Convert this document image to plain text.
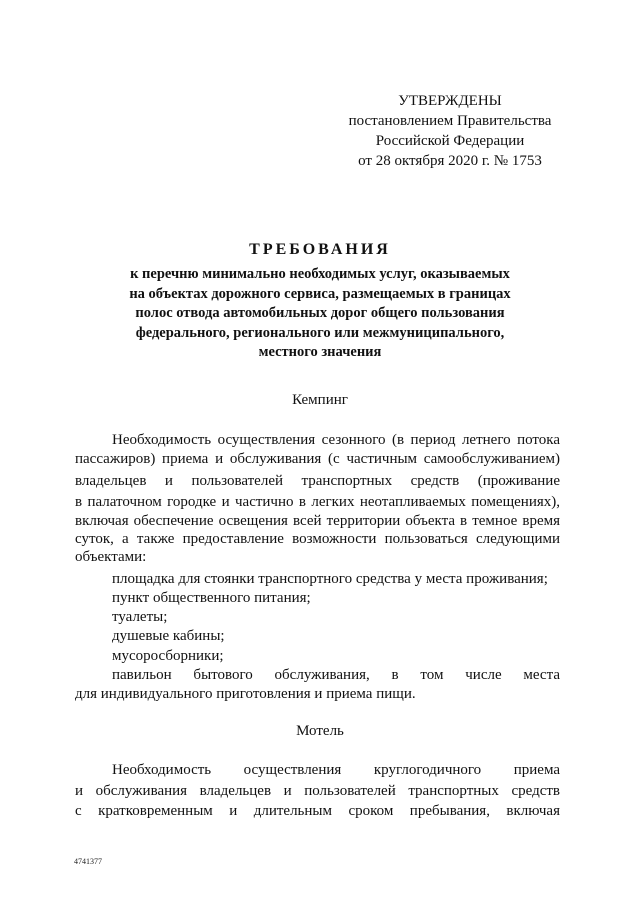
УТВЕРЖДЕНЫ
постановлением Правительства
Российской Федерации
от 28 октября 2020 г. № 1753
ТРЕБОВАНИЯ
к перечню минимально необходимых услуг, оказываемых
на объектах дорожного сервиса, размещаемых в границах
полос отвода автомобильных дорог общего пользования
федерального, регионального или межмуниципального,
местного значения
Кемпинг
Необходимость осуществления сезонного (в период летнего потока
пассажиров) приема и обслуживания (с частичным самообслуживанием)
владельцев и пользователей транспортных средств (проживание
в палаточном городке и частично в легких неотапливаемых помещениях),
включая обеспечение освещения всей территории объекта в темное время
суток, а также предоставление возможности пользоваться следующими
объектами:
площадка для стоянки транспортного средства у места проживания;
пункт общественного питания;
туалеты;
душевые кабины;
мусоросборники;
павильон бытового обслуживания, в том числе места
для индивидуального приготовления и приема пищи.
Мотель
Необходимость осуществления круглогодичного приема
и обслуживания владельцев и пользователей транспортных средств
с кратковременным и длительным сроком пребывания, включая
4741377
